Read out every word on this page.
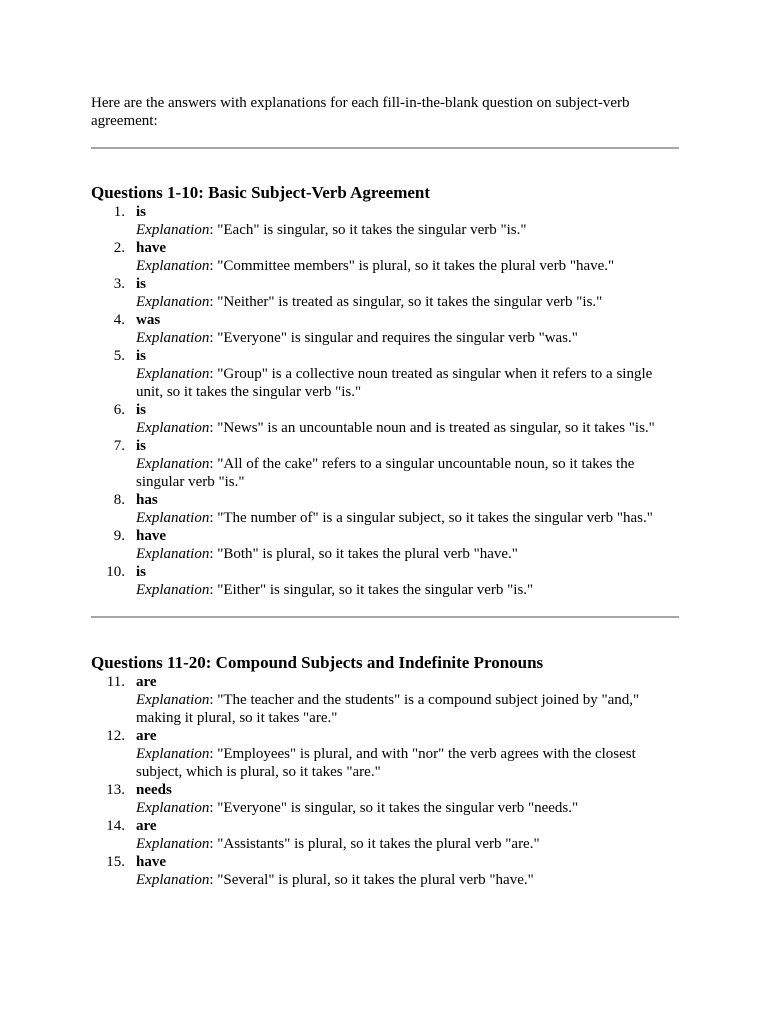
Here are the answers with explanations for each fill-in-the-blank question on subject-verb agreement:

Questions 1-10: Basic Subject-Verb Agreement
1. is
Explanation: "Each" is singular, so it takes the singular verb "is."
2. have
Explanation: "Committee members" is plural, so it takes the plural verb "have."
3. is
Explanation: "Neither" is treated as singular, so it takes the singular verb "is."
4. was
Explanation: "Everyone" is singular and requires the singular verb "was."
5. is
Explanation: "Group" is a collective noun treated as singular when it refers to a single unit, so it takes the singular verb "is."
6. is
Explanation: "News" is an uncountable noun and is treated as singular, so it takes "is."
7. is
Explanation: "All of the cake" refers to a singular uncountable noun, so it takes the singular verb "is."
8. has
Explanation: "The number of" is a singular subject, so it takes the singular verb "has."
9. have
Explanation: "Both" is plural, so it takes the plural verb "have."
10. is
Explanation: "Either" is singular, so it takes the singular verb "is."
Questions 11-20: Compound Subjects and Indefinite Pronouns
11. are
Explanation: "The teacher and the students" is a compound subject joined by "and," making it plural, so it takes "are."
12. are
Explanation: "Employees" is plural, and with "nor" the verb agrees with the closest subject, which is plural, so it takes "are."
13. needs
Explanation: "Everyone" is singular, so it takes the singular verb "needs."
14. are
Explanation: "Assistants" is plural, so it takes the plural verb "are."
15. have
Explanation: "Several" is plural, so it takes the plural verb "have."
